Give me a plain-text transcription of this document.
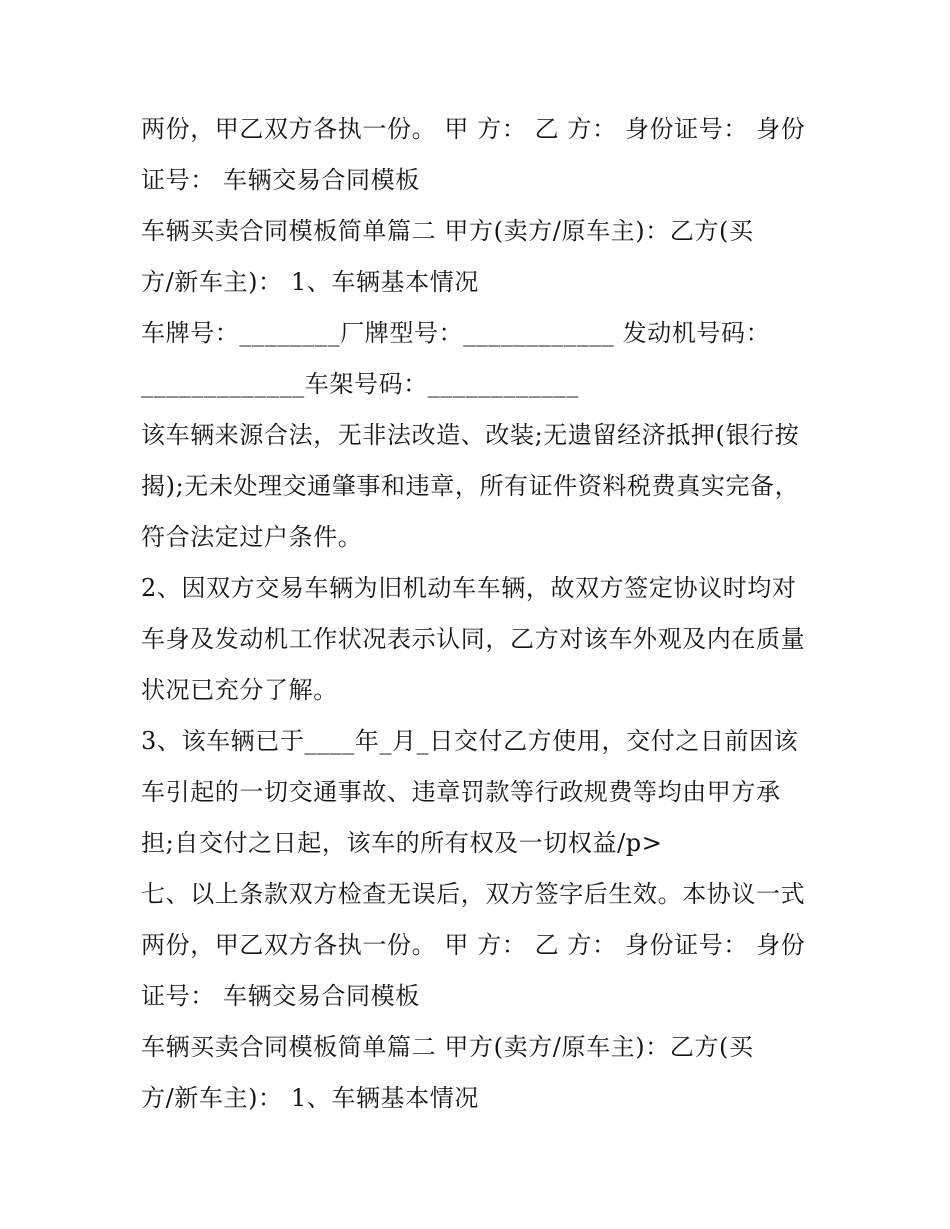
两份，甲乙双方各执一份。 甲 方： 乙 方： 身份证号： 身份
证号： 车辆交易合同模板
车辆买卖合同模板简单篇二 甲方(卖方/原车主)：乙方(买
方/新车主)： 1、车辆基本情况
车牌号：________厂牌型号：____________ 发动机号码：
_____________车架号码：____________
该车辆来源合法，无非法改造、改装;无遗留经济抵押(银行按
揭);无未处理交通肇事和违章，所有证件资料税费真实完备，
符合法定过户条件。
2、因双方交易车辆为旧机动车车辆，故双方签定协议时均对
车身及发动机工作状况表示认同，乙方对该车外观及内在质量
状况已充分了解。
3、该车辆已于____年_月_日交付乙方使用，交付之日前因该
车引起的一切交通事故、违章罚款等行政规费等均由甲方承
担;自交付之日起，该车的所有权及一切权益/p>
七、以上条款双方检查无误后，双方签字后生效。本协议一式
两份，甲乙双方各执一份。 甲 方： 乙 方： 身份证号： 身份
证号： 车辆交易合同模板
车辆买卖合同模板简单篇二 甲方(卖方/原车主)：乙方(买
方/新车主)： 1、车辆基本情况
